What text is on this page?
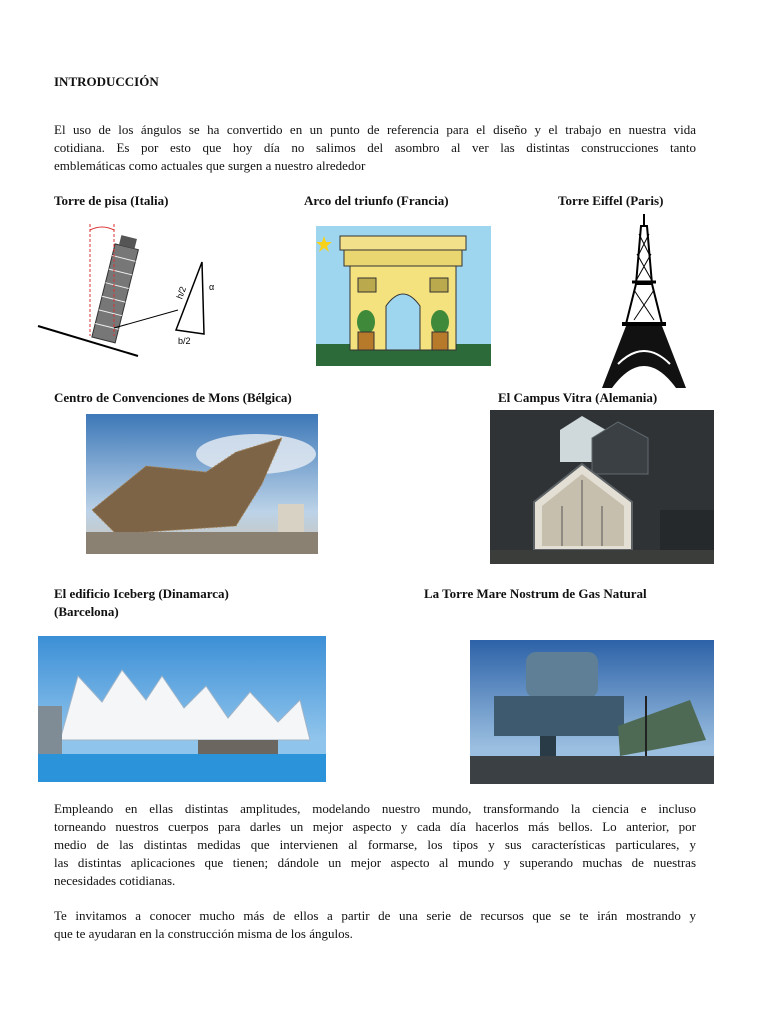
INTRODUCCIÓN
El uso de los ángulos se ha convertido en un punto de referencia para el diseño y el trabajo en nuestra vida
cotidiana. Es por esto que hoy día no salimos del asombro al ver las distintas construcciones tanto
emblemáticas como actuales que surgen a nuestro alrededor
Torre de pisa (Italia)	Arco del triunfo (Francia)	Torre Eiffel (Paris)
h/2 α
b/2
Centro de Convenciones de Mons (Bélgica)	El Campus Vitra (Alemania)
El edificio Iceberg (Dinamarca)
(Barcelona)
La Torre Mare Nostrum de Gas Natural
Empleando en ellas distintas amplitudes, modelando nuestro mundo, transformando la ciencia e incluso
torneando nuestros cuerpos para darles un mejor aspecto y cada día hacerlos más bellos. Lo anterior, por
medio de las distintas medidas que intervienen al formarse, los tipos y sus características particulares, y
las distintas aplicaciones que tienen; dándole un mejor aspecto al mundo y superando muchas de nuestras
necesidades cotidianas.
Te invitamos a conocer mucho más de ellos a partir de una serie de recursos que se te irán mostrando y
que te ayudaran en la construcción misma de los ángulos.
